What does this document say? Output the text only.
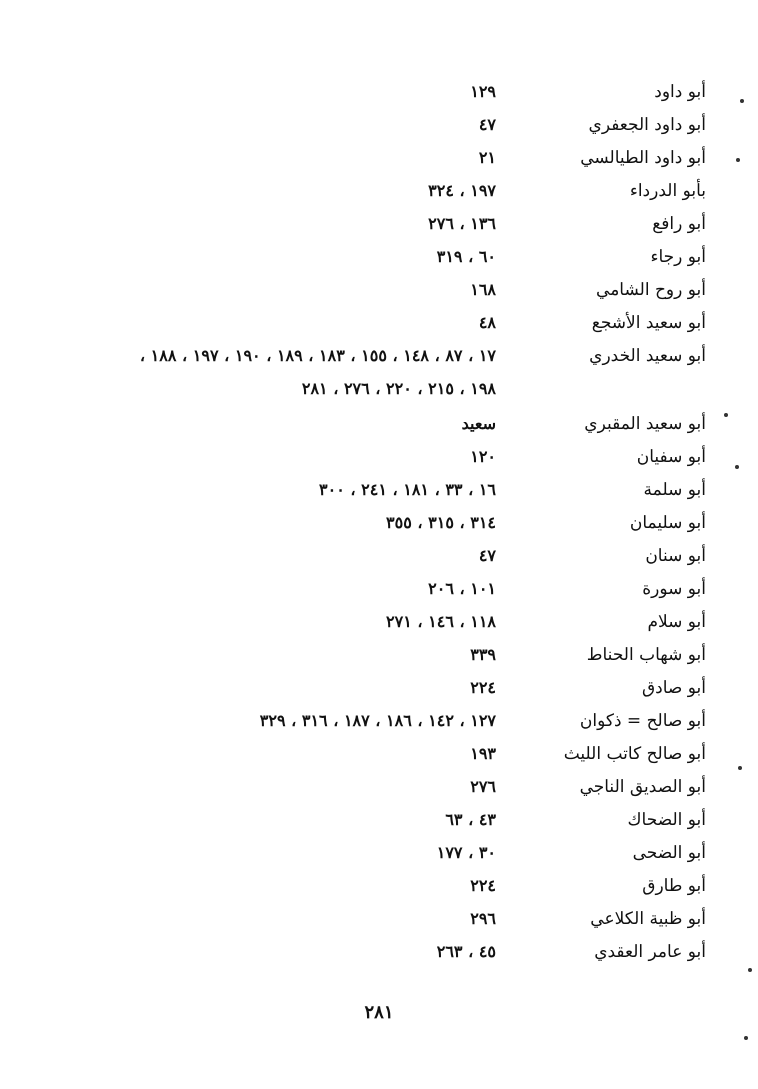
أبو داود
١٢٩
أبو داود الجعفري
٤٧
أبو داود الطيالسي
٢١
بأبو الدرداء
١٩٧ ، ٣٢٤
أبو رافع
١٣٦ ، ٢٧٦
أبو رجاء
٦٠ ، ٣١٩
أبو روح الشامي
١٦٨
أبو سعيد الأشجع
٤٨
أبو سعيد الخدري
١٧ ، ٨٧ ، ١٤٨ ، ١٥٥ ، ١٨٣ ، ١٨٩ ، ١٩٠ ، ١٩٧ ، ١٨٨ ،
١٩٨ ، ٢١٥ ، ٢٢٠ ، ٢٧٦ ، ٢٨١
أبو سعيد المقبري
سعيد
أبو سفيان
١٢٠
أبو سلمة
١٦ ، ٣٣ ، ١٨١ ، ٢٤١ ، ٣٠٠
أبو سليمان
٣١٤ ، ٣١٥ ، ٣٥٥
أبو سنان
٤٧
أبو سورة
١٠١ ، ٢٠٦
أبو سلام
١١٨ ، ١٤٦ ، ٢٧١
أبو شهاب الحناط
٣٣٩
أبو صادق
٢٢٤
أبو صالح = ذكوان
١٢٧ ، ١٤٢ ، ١٨٦ ، ١٨٧ ، ٣١٦ ، ٣٢٩
أبو صالح كاتب الليث
١٩٣
أبو الصديق الناجي
٢٧٦
أبو الضحاك
٤٣ ، ٦٣
أبو الضحى
٣٠ ، ١٧٧
أبو طارق
٢٢٤
أبو ظبية الكلاعي
٢٩٦
أبو عامر العقدي
٤٥ ، ٢٦٣
٢٨١
